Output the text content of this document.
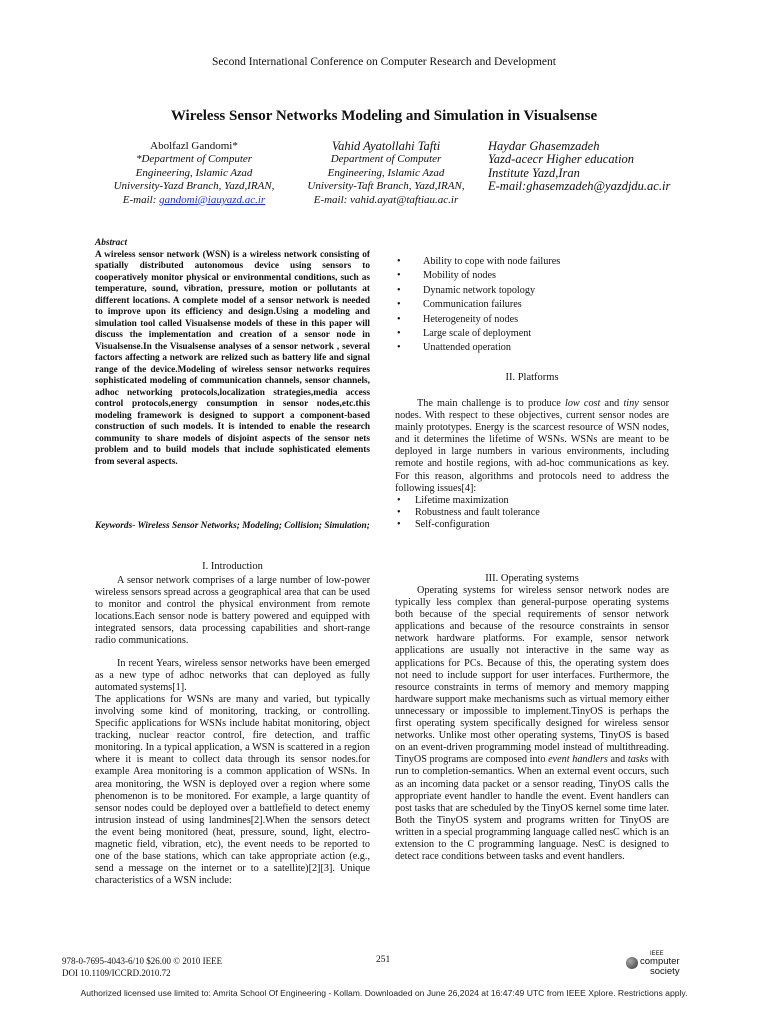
Second International Conference on Computer Research and Development
Wireless Sensor Networks Modeling and Simulation in Visualsense
Abolfazl Gandomi*
*Department of Computer
Engineering, Islamic Azad
University-Yazd Branch, Yazd,IRAN,
E-mail: gandomi@iauyazd.ac.ir
Vahid Ayatollahi Tafti
Department of Computer
Engineering, Islamic Azad
University-Taft Branch, Yazd,IRAN,
E-mail: vahid.ayat@taftiau.ac.ir
Haydar Ghasemzadeh
Yazd-acecr Higher education
Institute Yazd,Iran
E-mail:ghasemzadeh@yazdjdu.ac.ir

Abstract

A wireless sensor network (WSN) is a wireless network consisting of spatially distributed autonomous device using sensors to cooperatively monitor physical or environmental conditions, such as temperature, sound, vibration, pressure, motion or pollutants at different locations. A complete model of a sensor network is needed to improve upon its efficiency and design.Using a modeling and simulation tool called Visualsense models of these in this paper will discuss the implementation and creation of a sensor node in Visualsense.In the Visualsense analyses of a sensor network , several factors affecting a network are relized such as battery life and signal range of the device.Modeling of wireless sensor networks requires sophisticated modeling of communication channels, sensor channels, adhoc networking protocols,localization strategies,media access control protocols,energy consumption in sensor nodes,etc.this modeling framework is designed to support a component-based construction of such models. It is intended to enable the research community to share models of disjoint aspects of the sensor nets problem and to build models that include sophisticated elements from several aspects.

Keywords- Wireless Sensor Networks; Modeling; Collision; Simulation;
I. Introduction

A sensor network comprises of a large number of low-power wireless sensors spread across a geographical area that can be used to monitor and control the physical environment from remote locations.Each sensor node is battery powered and equipped with integrated sensors, data processing capabilities and short-range radio communications.

In recent Years, wireless sensor networks have been emerged as a new type of adhoc networks that can deployed as fully automated systems[1].

The applications for WSNs are many and varied, but typically involving some kind of monitoring, tracking, or controlling. Specific applications for WSNs include habitat monitoring, object tracking, nuclear reactor control, fire detection, and traffic monitoring. In a typical application, a WSN is scattered in a region where it is meant to collect data through its sensor nodes.for example Area monitoring is a common application of WSNs. In area monitoring, the WSN is deployed over a region where some phenomenon is to be monitored. For example, a large quantity of sensor nodes could be deployed over a battlefield to detect enemy intrusion instead of using landmines[2].When the sensors detect the event being monitored (heat, pressure, sound, light, electro-magnetic field, vibration, etc), the event needs to be reported to one of the base stations, which can take appropriate action (e.g., send a message on the internet or to a satellite)[2][3]. Unique characteristics of a WSN include:

• Ability to cope with node failures
• Mobility of nodes
• Dynamic network topology
• Communication failures
• Heterogeneity of nodes
• Large scale of deployment
• Unattended operation
II. Platforms

The main challenge is to produce low cost and tiny sensor nodes. With respect to these objectives, current sensor nodes are mainly prototypes. Energy is the scarcest resource of WSN nodes, and it determines the lifetime of WSNs. WSNs are meant to be deployed in large numbers in various environments, including remote and hostile regions, with ad-hoc communications as key. For this reason, algorithms and protocols need to address the following issues[4]:

• Lifetime maximization
• Robustness and fault tolerance
• Self-configuration
III. Operating systems

Operating systems for wireless sensor network nodes are typically less complex than general-purpose operating systems both because of the special requirements of sensor network applications and because of the resource constraints in sensor network hardware platforms. For example, sensor network applications are usually not interactive in the same way as applications for PCs. Because of this, the operating system does not need to include support for user interfaces. Furthermore, the resource constraints in terms of memory and memory mapping hardware support make mechanisms such as virtual memory either unnecessary or impossible to implement.TinyOS is perhaps the first operating system specifically designed for wireless sensor networks. Unlike most other operating systems, TinyOS is based on an event-driven programming model instead of multithreading. TinyOS programs are composed into event handlers and tasks with run to completion-semantics. When an external event occurs, such as an incoming data packet or a sensor reading, TinyOS calls the appropriate event handler to handle the event. Event handlers can post tasks that are scheduled by the TinyOS kernel some time later. Both the TinyOS system and programs written for TinyOS are written in a special programming language called nesC which is an extension to the C programming language. NesC is designed to detect race conditions between tasks and event handlers.

978-0-7695-4043-6/10 $26.00 © 2010 IEEE
DOI 10.1109/ICCRD.2010.72
251
IEEE
computer
society
Authorized licensed use limited to: Amrita School Of Engineering - Kollam. Downloaded on June 26,2024 at 16:47:49 UTC from IEEE Xplore. Restrictions apply.
